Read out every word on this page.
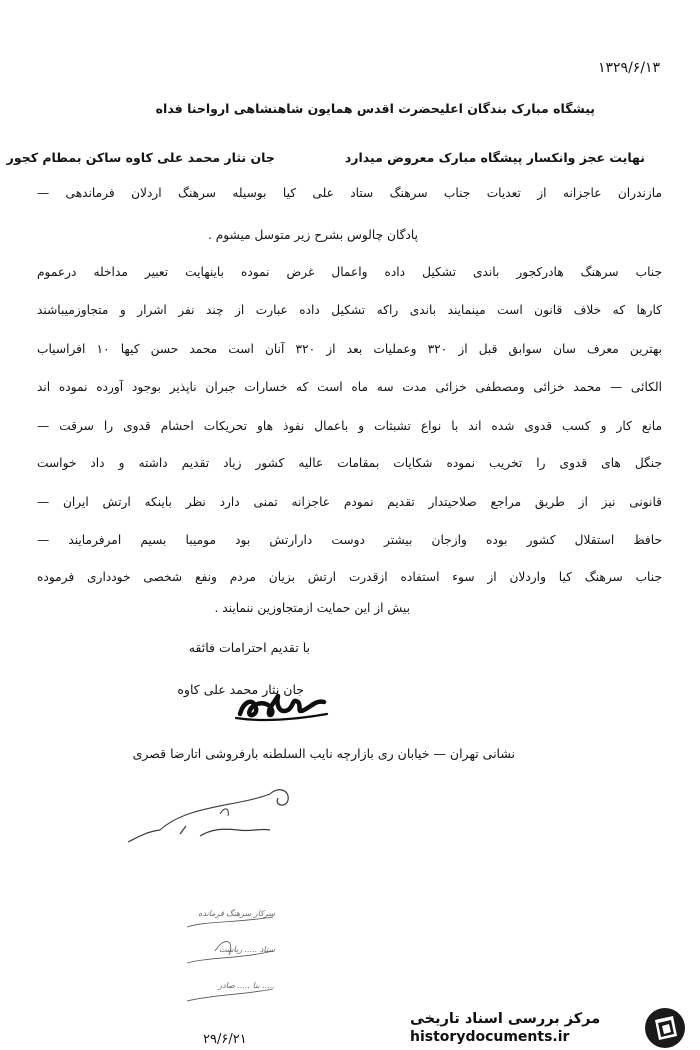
۱۳۲۹/۶/۱۳
پیشگاه مبارک بندگان اعلیحضرت اقدس همایون شاهنشاهی ارواحنا فداه
نهایت عجز وانکسار پیشگاه مبارک معروض میداردجان نثار محمد علی کاوه ساکن بمطام کجور
مازندران عاجزانه از تعدیات جناب سرهنگ ستاد علی کیا بوسیله سرهنگ اردلان فرماندهی —
پادگان چالوس بشرح زیر متوسل میشوم .
جناب سرهنگ هادرکجور باندی تشکیل داده واعمال غرض نموده باینهایت تعبیر مداخله درعموم
کارها که خلاف قانون است مینمایند باندی راکه تشکیل داده عبارت از چند نفر اشرار و متجاوزمیباشند
بهترین معرف سان سوابق قبل از ۳۲۰ وعملیات بعد از ۳۲۰ آنان است محمد حسن کیها ۱۰ افراسیاب
الکائی — محمد خزائی ومصطفی خزائی مدت سه ماه است که خسارات جبران ناپذیر بوجود آورده نموده اند
مانع کار و کسب قدوی شده اند با نواع تشبثات و باعمال نفوذ هاو تحریکات احشام قدوی را سرقت —
جنگل های قدوی را تخریب نموده شکایات بمقامات عالیه کشور زیاد تقدیم داشته و داد خواست
قانونی نیز از طریق مراجع صلاحیتدار تقدیم نمودم عاجزانه تمنی دارد نظر باینکه ارتش ایران —
حافظ استقلال کشور بوده وازجان بیشتر دوست دارارتش بود مومیبا بسیم امرفرمایند —
جناب سرهنگ کیا واردلان از سوء استفاده ازقدرت ارتش بزیان مردم ونفع شخصی خودداری فرموده
بیش از این حمایت ازمتجاوزین ننمایند .
با تقدیم احترامات فائقه
جان نثار محمد علی کاوه
نشانی تهران — خیابان ری بازارچه نایب السلطنه بارفروشی اتارضا قصری
سرکار سرهنگ فرمانده
ستاد ..... ریاست
..... بنا ..... صادر
۲۹/۶/۲۱
مرکز بررسی اسناد تاریخی
historydocuments.ir
